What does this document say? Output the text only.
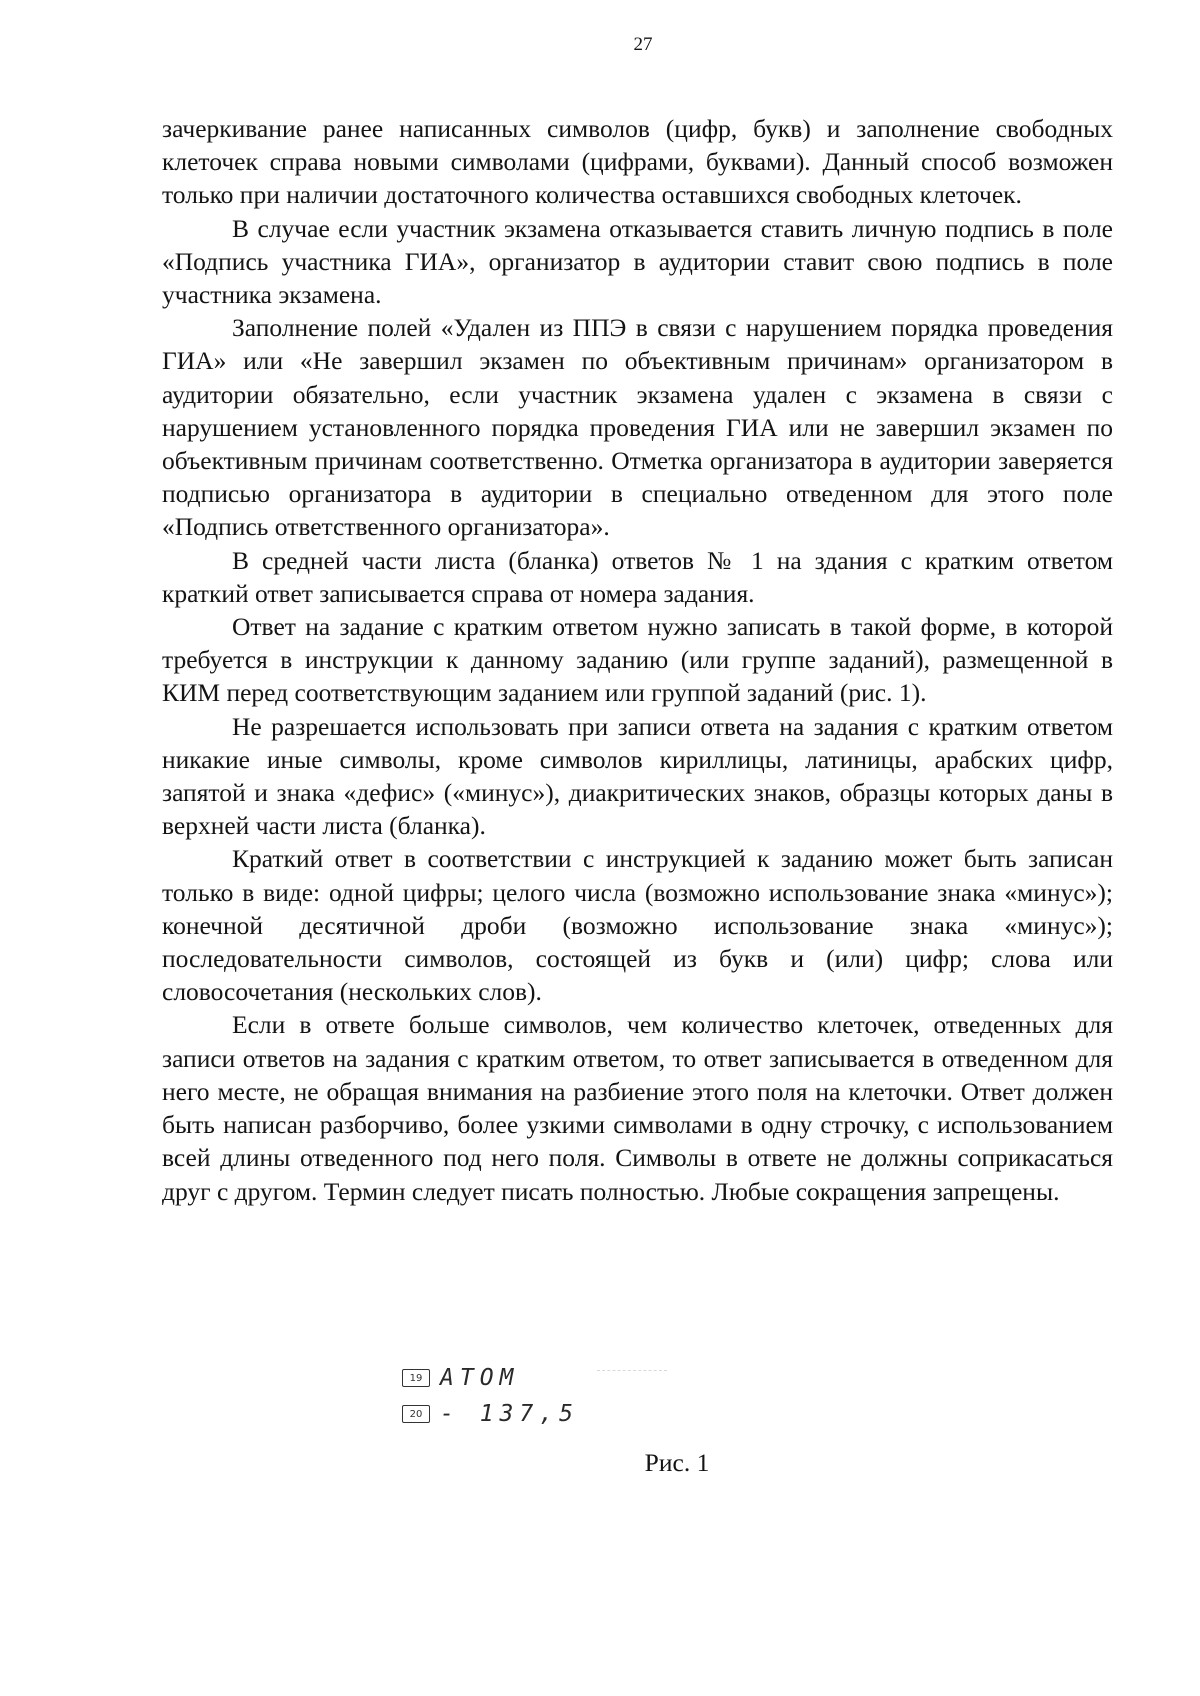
27

зачеркивание ранее написанных символов (цифр, букв) и заполнение свободных клеточек справа новыми символами (цифрами, буквами). Данный способ возможен только при наличии достаточного количества оставшихся свободных клеточек.

В случае если участник экзамена отказывается ставить личную подпись в поле «Подпись участника ГИА», организатор в аудитории ставит свою подпись в поле участника экзамена.

Заполнение полей «Удален из ППЭ в связи с нарушением порядка проведения ГИА» или «Не завершил экзамен по объективным причинам» организатором в аудитории обязательно, если участник экзамена удален с экзамена в связи с нарушением установленного порядка проведения ГИА или не завершил экзамен по объективным причинам соответственно. Отметка организатора в аудитории заверяется подписью организатора в аудитории в специально отведенном для этого поле «Подпись ответственного организатора».

В средней части листа (бланка) ответов № 1 на здания с кратким ответом краткий ответ записывается справа от номера задания.

Ответ на задание с кратким ответом нужно записать в такой форме, в которой требуется в инструкции к данному заданию (или группе заданий), размещенной в КИМ перед соответствующим заданием или группой заданий (рис. 1).

Не разрешается использовать при записи ответа на задания с кратким ответом никакие иные символы, кроме символов кириллицы, латиницы, арабских цифр, запятой и знака «дефис» («минус»), диакритических знаков, образцы которых даны в верхней части листа (бланка).

Краткий ответ в соответствии с инструкцией к заданию может быть записан только в виде: одной цифры; целого числа (возможно использование знака «минус»); конечной десятичной дроби (возможно использование знака «минус»); последовательности символов, состоящей из букв и (или) цифр; слова или словосочетания (нескольких слов).

Если в ответе больше символов, чем количество клеточек, отведенных для записи ответов на задания с кратким ответом, то ответ записывается в отведенном для него месте, не обращая внимания на разбиение этого поля на клеточки. Ответ должен быть написан разборчиво, более узкими символами в одну строчку, с использованием всей длины отведенного под него поля. Символы в ответе не должны соприкасаться друг с другом. Термин следует писать полностью. Любые сокращения запрещены.

19 ATOM
20 - 137,5
Рис. 1
